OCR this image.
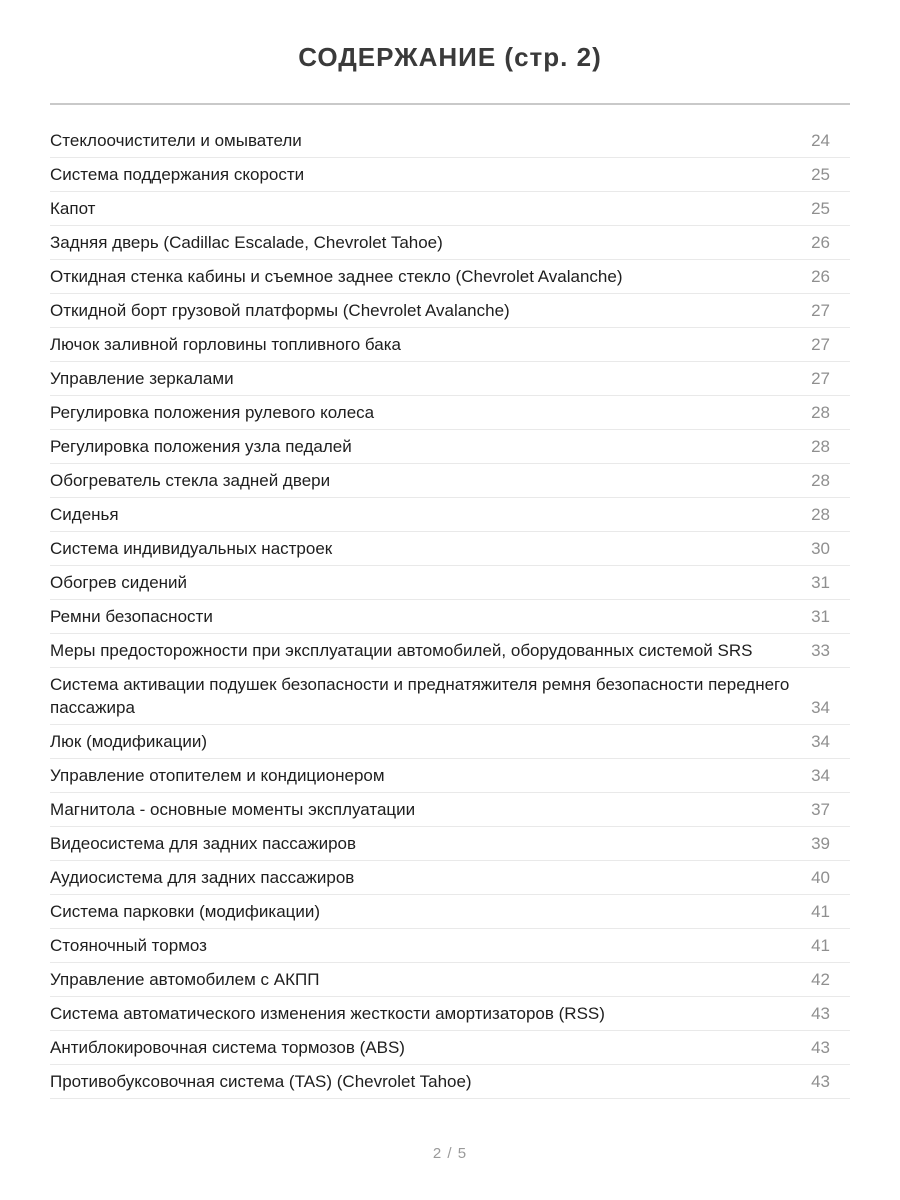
СОДЕРЖАНИЕ (стр. 2)
Стеклоочистители и омыватели	24
Система поддержания скорости	25
Капот	25
Задняя дверь (Cadillac Escalade, Chevrolet Tahoe)	26
Откидная стенка кабины и съемное заднее стекло (Chevrolet Avalanche)	26
Откидной борт грузовой платформы (Chevrolet Avalanche)	27
Лючок заливной горловины топливного бака	27
Управление зеркалами	27
Регулировка положения рулевого колеса	28
Регулировка положения узла педалей	28
Обогреватель стекла задней двери	28
Сиденья	28
Система индивидуальных настроек	30
Обогрев сидений	31
Ремни безопасности	31
Меры предосторожности при эксплуатации автомобилей, оборудованных системой SRS	33
Система активации подушек безопасности и преднатяжителя ремня безопасности переднего пассажира	34
Люк (модификации)	34
Управление отопителем и кондиционером	34
Магнитола - основные моменты эксплуатации	37
Видеосистема для задних пассажиров	39
Аудиосистема для задних пассажиров	40
Система парковки (модификации)	41
Стояночный тормоз	41
Управление автомобилем с АКПП	42
Система автоматического изменения жесткости амортизаторов (RSS)	43
Антиблокировочная система тормозов (ABS)	43
Противобуксовочная система (TAS) (Chevrolet Tahoe)	43
2 / 5
